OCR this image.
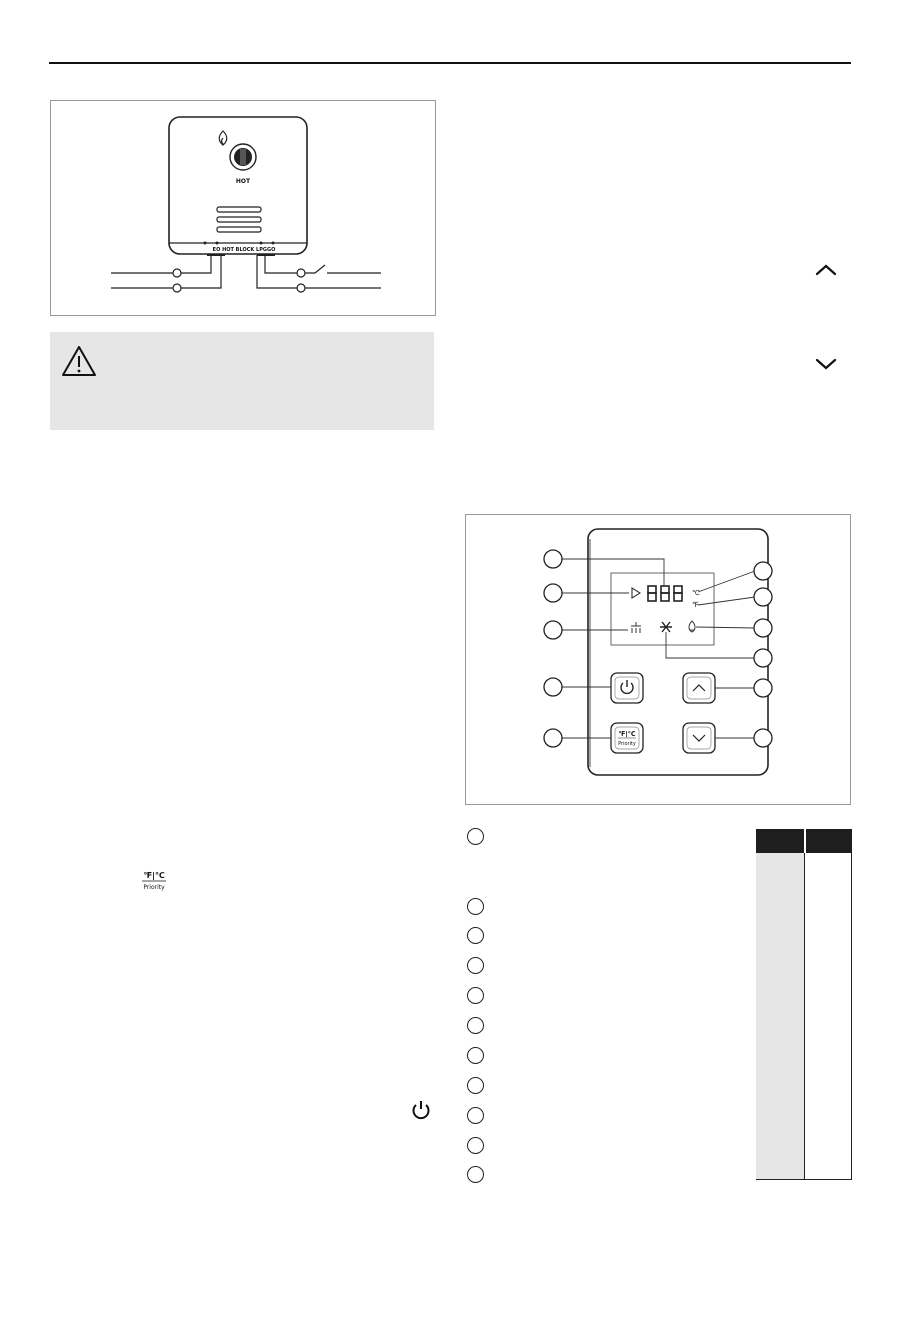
HOT
EO HOT BLOCK LPGGO
℃
℉
℉|℃
Priority
℉|℃
Priority
